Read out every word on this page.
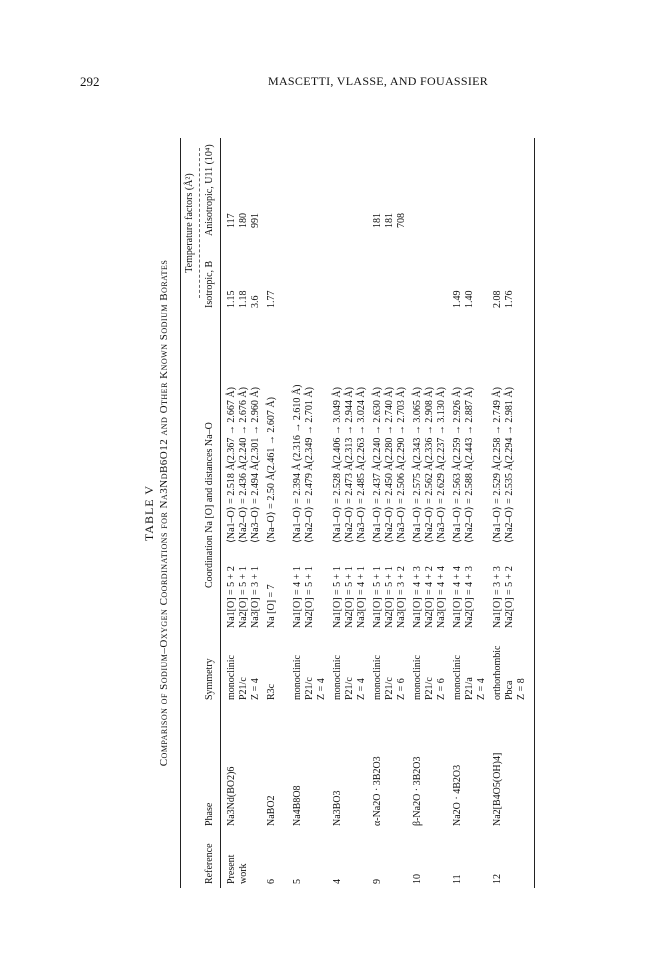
292	MASCETTI, VLASSE, AND FOUASSIER
TABLE V Comparison of Sodium–Oxygen Coordinations for Na3NdB6O12 and Other Known Sodium Borates
Temperature factors (Å²)
Reference
Phase
Symmetry
Coordination Na [O] and distances Na–O
Isotropic, B
Anisotropic, U11 (10⁴)
Present work
Na3Nd(BO2)6
monoclinic P21/c Z = 4
Na1[O] = 5 + 2 Na2[O] = 5 + 1 Na3[O] = 3 + 1
⟨Na1–O⟩ = 2.518 Å(2.367 → 2.667 Å) ⟨Na2–O⟩ = 2.436 Å(2.240 → 2.676 Å) ⟨Na3–O⟩ = 2.494 Å(2.301 → 2.960 Å)
1.15 1.18 3.6
117 180 991
6
NaBO2
R3c
Na [O] = 7
⟨Na–O⟩ = 2.50 Å(2.461 → 2.607 Å)
1.77
5
Na4B8O8
monoclinic P21/c Z = 4
Na1[O] = 4 + 1 Na2[O] = 5 + 1
⟨Na1–O⟩ = 2.394 Å (2.316 → 2.610 Å) ⟨Na2–O⟩ = 2.479 Å(2.349 → 2.701 Å)
4
Na3BO3
monoclinic P21/c Z = 4
Na1[O] = 5 + 1 Na2[O] = 5 + 1 Na3[O] = 4 + 1
⟨Na1–O⟩ = 2.528 Å(2.406 → 3.049 Å) ⟨Na2–O⟩ = 2.473 Å(2.313 → 2.944 Å) ⟨Na3–O⟩ = 2.485 Å(2.263 → 3.024 Å)
9
α-Na2O · 3B2O3
monoclinic P21/c Z = 6
Na1[O] = 5 + 1 Na2[O] = 5 + 1 Na3[O] = 3 + 2
⟨Na1–O⟩ = 2.437 Å(2.240 → 2.630 Å) ⟨Na2–O⟩ = 2.450 Å(2.280 → 2.740 Å) ⟨Na3–O⟩ = 2.506 Å(2.290 → 2.703 Å)
181 181 708
10
β-Na2O · 3B2O3
monoclinic P21/c Z = 6
Na1[O] = 4 + 3 Na2[O] = 4 + 2 Na3[O] = 4 + 4
⟨Na1–O⟩ = 2.575 Å(2.343 → 3.065 Å) ⟨Na2–O⟩ = 2.562 Å(2.336 → 2.908 Å) ⟨Na3–O⟩ = 2.629 Å(2.237 → 3.130 Å)
11
Na2O · 4B2O3
monoclinic P21/a Z = 4
Na1[O] = 4 + 4 Na2[O] = 4 + 3
⟨Na1–O⟩ = 2.563 Å(2.259 → 2.926 Å) ⟨Na2–O⟩ = 2.588 Å(2.443 → 2.887 Å)
1.49 1.40
12
Na2[B4O5(OH)4]
orthorhombic Pbca Z = 8
Na1[O] = 3 + 3 Na2[O] = 5 + 2
⟨Na1–O⟩ = 2.529 Å(2.258 → 2.749 Å) ⟨Na2–O⟩ = 2.535 Å(2.294 → 2.981 Å)
2.08 1.76
